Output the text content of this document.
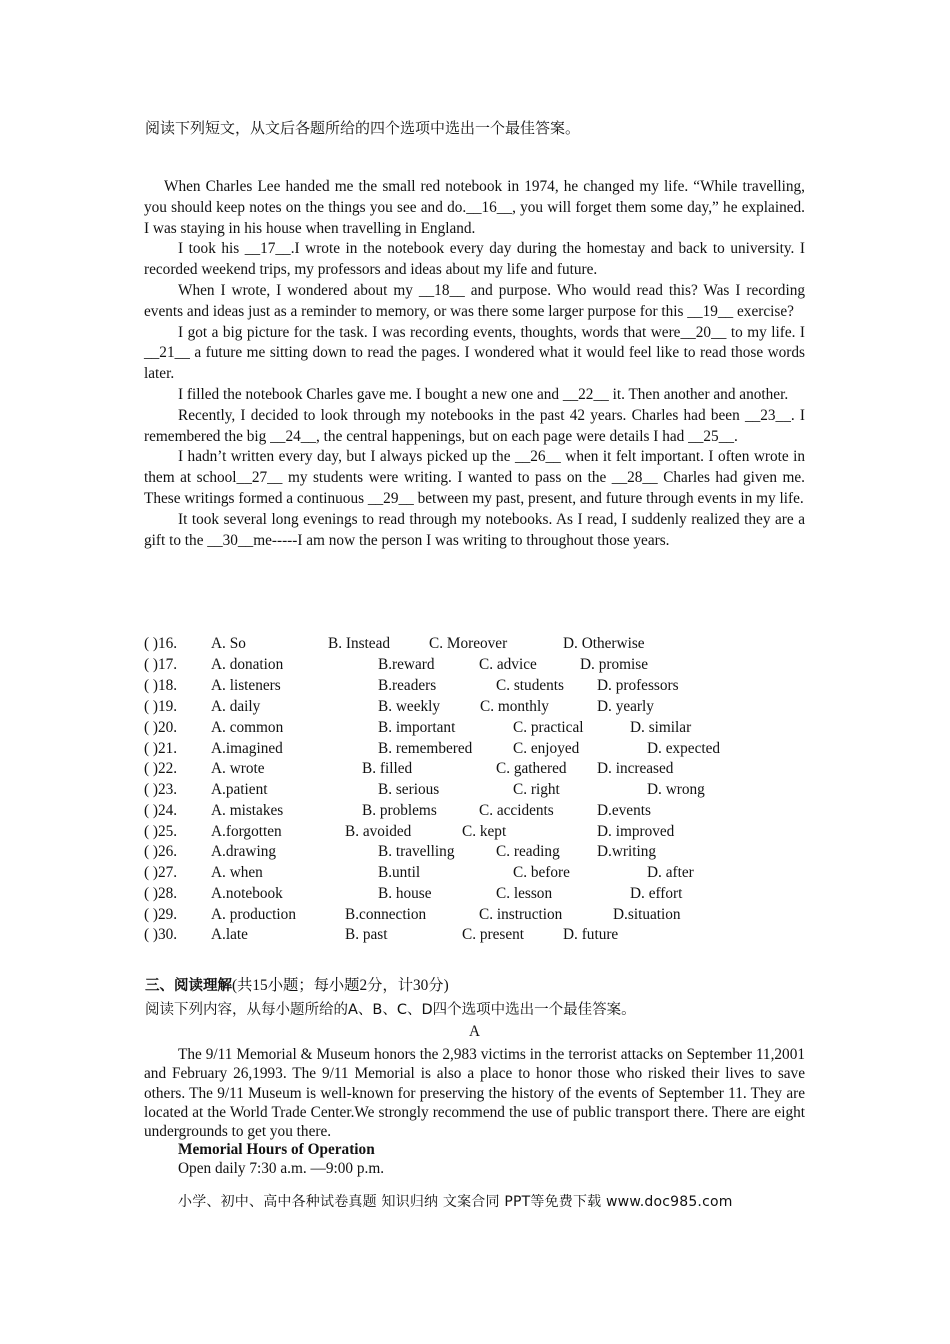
阅读下列短文，从文后各题所给的四个选项中选出一个最佳答案。

When Charles Lee handed me the small red notebook in 1974, he changed my life. “While travelling, you should keep notes on the things you see and do.__16__, you will forget them some day,” he explained. I was staying in his house when travelling in England.

I took his __17__.I wrote in the notebook every day during the homestay and back to university. I recorded weekend trips, my professors and ideas about my life and future.

When I wrote, I wondered about my __18__ and purpose. Who would read this? Was I recording events and ideas just as a reminder to memory, or was there some larger purpose for this __19__ exercise?

I got a big picture for the task. I was recording events, thoughts, words that were__20__ to my life. I __21__ a future me sitting down to read the pages. I wondered what it would feel like to read those words later.

I filled the notebook Charles gave me. I bought a new one and __22__ it. Then another and another.

Recently, I decided to look through my notebooks in the past 42 years. Charles had been __23__. I remembered the big __24__, the central happenings, but on each page were details I had __25__.

I hadn’t written every day, but I always picked up the __26__ when it felt important. I often wrote in them at school__27__ my students were writing. I wanted to pass on the __28__ Charles had given me. These writings formed a continuous __29__ between my past, present, and future through events in my life.

It took several long evenings to read through my notebooks. As I read, I suddenly realized they are a gift to the __30__me-----I am now the person I was writing to throughout those years.

( )16. A. So	B. Instead	C. Moreover	D. Otherwise
( )17. A. donation	B.reward	C. advice	D. promise
( )18. A. listeners	B.readers	C. students D. professors
( )19. A. daily	B. weekly	C. monthly	D. yearly
( )20. A. common	B. important	C. practical	D. similar
( )21. A.imagined	B. remembered	C. enjoyed	D. expected
( )22. A. wrote	B. filled	C. gathered D. increased
( )23. A.patient	B. serious	C. right	D. wrong
( )24. A. mistakes	B. problems	C. accidents	D.events
( )25. A.forgotten	B. avoided	C. kept	D. improved
( )26. A.drawing	B. travelling	C. reading D.writing
( )27. A. when	B.until	C. before	D. after
( )28. A.notebook	B. house	C. lesson	D. effort
( )29. A. production	B.connection	C. instruction	D.situation
( )30. A.late	B. past	C. present	D. future
三、阅读理解(共15小题；每小题2分，计30分)
阅读下列内容，从每小题所给的A、B、C、D四个选项中选出一个最佳答案。
A

The 9/11 Memorial & Museum honors the 2,983 victims in the terrorist attacks on September 11,2001 and February 26,1993. The 9/11 Memorial is also a place to honor those who risked their lives to save others. The 9/11 Museum is well-known for preserving the history of the events of September 11. They are located at the World Trade Center.We strongly recommend the use of public transport there. There are eight undergrounds to get you there.

Memorial Hours of Operation
Open daily 7:30 a.m. —9:00 p.m.
小学、初中、高中各种试卷真题 知识归纳 文案合同 PPT等免费下载 www.doc985.com
